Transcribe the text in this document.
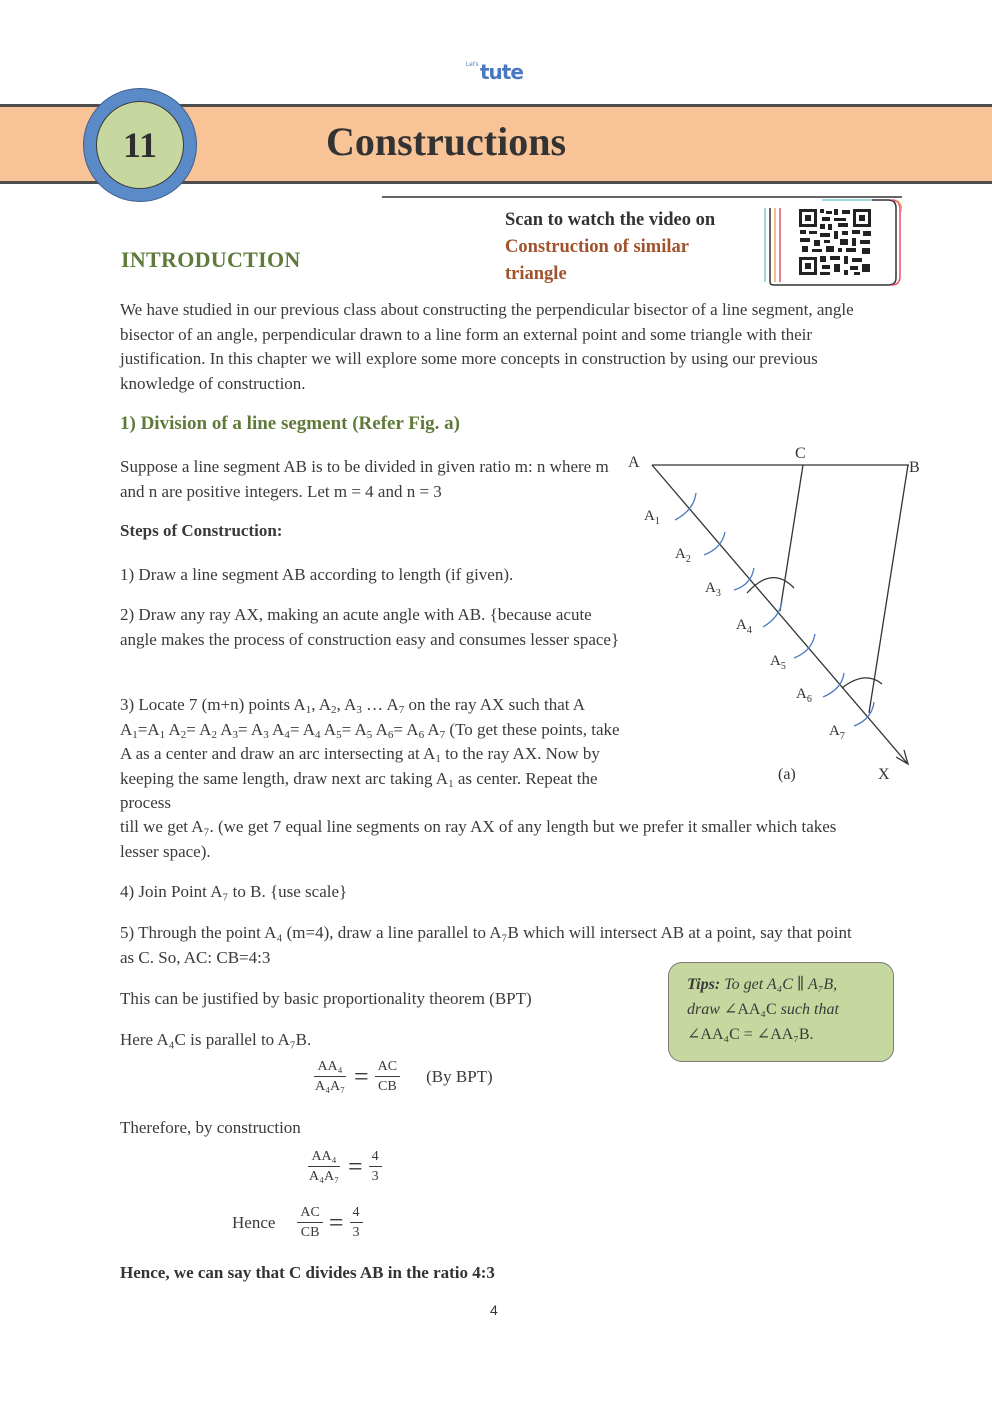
Let's tute
11	Constructions
Scan to watch the video on
Construction of similar
triangle
INTRODUCTION
We have studied in our previous class about constructing the perpendicular bisector of a line segment, angle bisector of an angle, perpendicular drawn to a line form an external point and some triangle with their justification. In this chapter we will explore some more concepts in construction by using our previous knowledge of construction.
1) Division of a line segment (Refer Fig. a)
Suppose a line segment AB is to be divided in given ratio m: n where m and n are positive integers. Let m = 4 and n = 3
Steps of Construction:
1) Draw a line segment AB according to length (if given).
2) Draw any ray AX, making an acute angle with AB. {because acute angle makes the process of construction easy and consumes lesser space}
3) Locate 7 (m+n) points $A_1$, $A_2$, $A_3$ … $A_7$ on the ray AX such that A $A_1=A_1$ $A_2= A_2$ $A_3= A_3$ $A_4= A_4$ $A_5= A_5$ $A_6= A_6$ $A_7$ (To get these points, take A as a center and draw an arc intersecting at $A_1$ to the ray AX. Now by keeping the same length, draw next arc taking $A_1$ as center. Repeat the process
till we get A₇. (we get 7 equal line segments on ray AX of any length but we prefer it smaller which takes lesser space).
4) Join Point A₇ to B. {use scale}
5) Through the point A₄ (m=4), draw a line parallel to A₇B which will intersect AB at a point, say that point as C. So, AC: CB=4:3
This can be justified by basic proportionality theorem (BPT)
Here A₄C is parallel to A₇B.
Tips: To get A₄C ∥ A₇B,
draw ∠AA₄C such that
∠AA₄C = ∠AA₇B.
$\frac{\text{AA₄}}{\text{A₄A₇}} = \frac{AC}{CB} (By$ BPT)
Therefore, by construction
$\frac{\text{AA₄}}{\text{A₄A₇}} = \frac{4}{3}$
Hence $\frac{AC}{CB} = \frac{4}{3}$
Hence, we can say that C divides AB in the ratio 4:3
4
A
C
B
X
(a)
$A_1$
$A_2$
$A_3$
$A_4$
$A_5$
$A_6$
$A_7$
